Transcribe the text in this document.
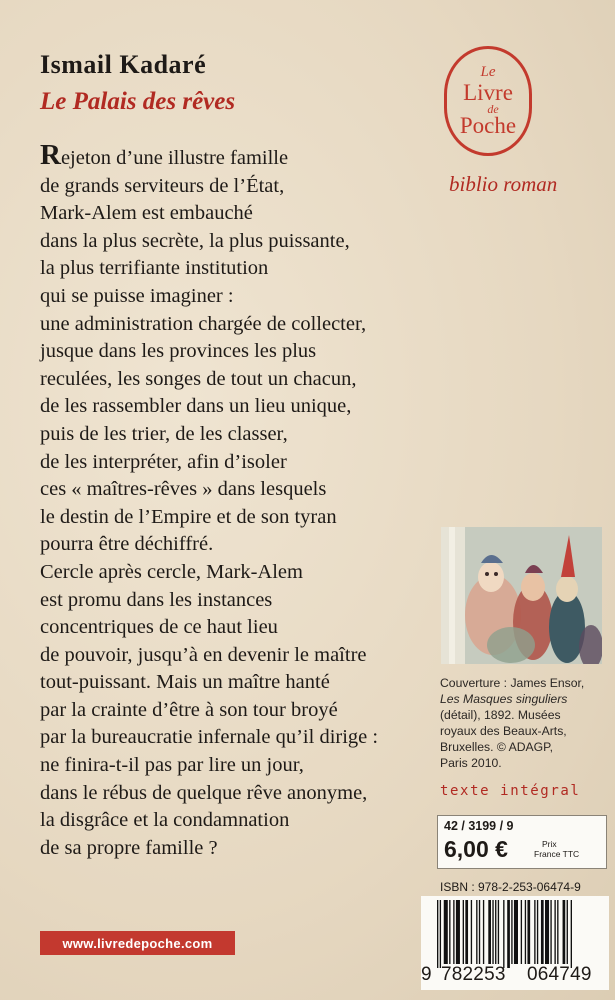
Ismail Kadaré
Le Palais des rêves
Rejeton d’une illustre famille
de grands serviteurs de l’État,
Mark-Alem est embauché
dans la plus secrète, la plus puissante,
la plus terrifiante institution
qui se puisse imaginer :
une administration chargée de collecter,
jusque dans les provinces les plus
reculées, les songes de tout un chacun,
de les rassembler dans un lieu unique,
puis de les trier, de les classer,
de les interpréter, afin d’isoler
ces « maîtres-rêves » dans lesquels
le destin de l’Empire et de son tyran
pourra être déchiffré.
Cercle après cercle, Mark-Alem
est promu dans les instances
concentriques de ce haut lieu
de pouvoir, jusqu’à en devenir le maître
tout-puissant. Mais un maître hanté
par la crainte d’être à son tour broyé
par la bureaucratie infernale qu’il dirige :
ne finira-t-il pas par lire un jour,
dans le rébus de quelque rêve anonyme,
la disgrâce et la condamnation
de sa propre famille ?
Le
Livre
de
Poche
biblio roman
Couverture : James Ensor,
Les Masques singuliers
(détail), 1892. Musées
royaux des Beaux-Arts,
Bruxelles. © ADAGP,
Paris 2010.
texte intégral
42 / 3199 / 9
6,00 €	Prix
France TTC
ISBN : 978-2-253-06474-9
9 782253 064749
www.livredepoche.com
